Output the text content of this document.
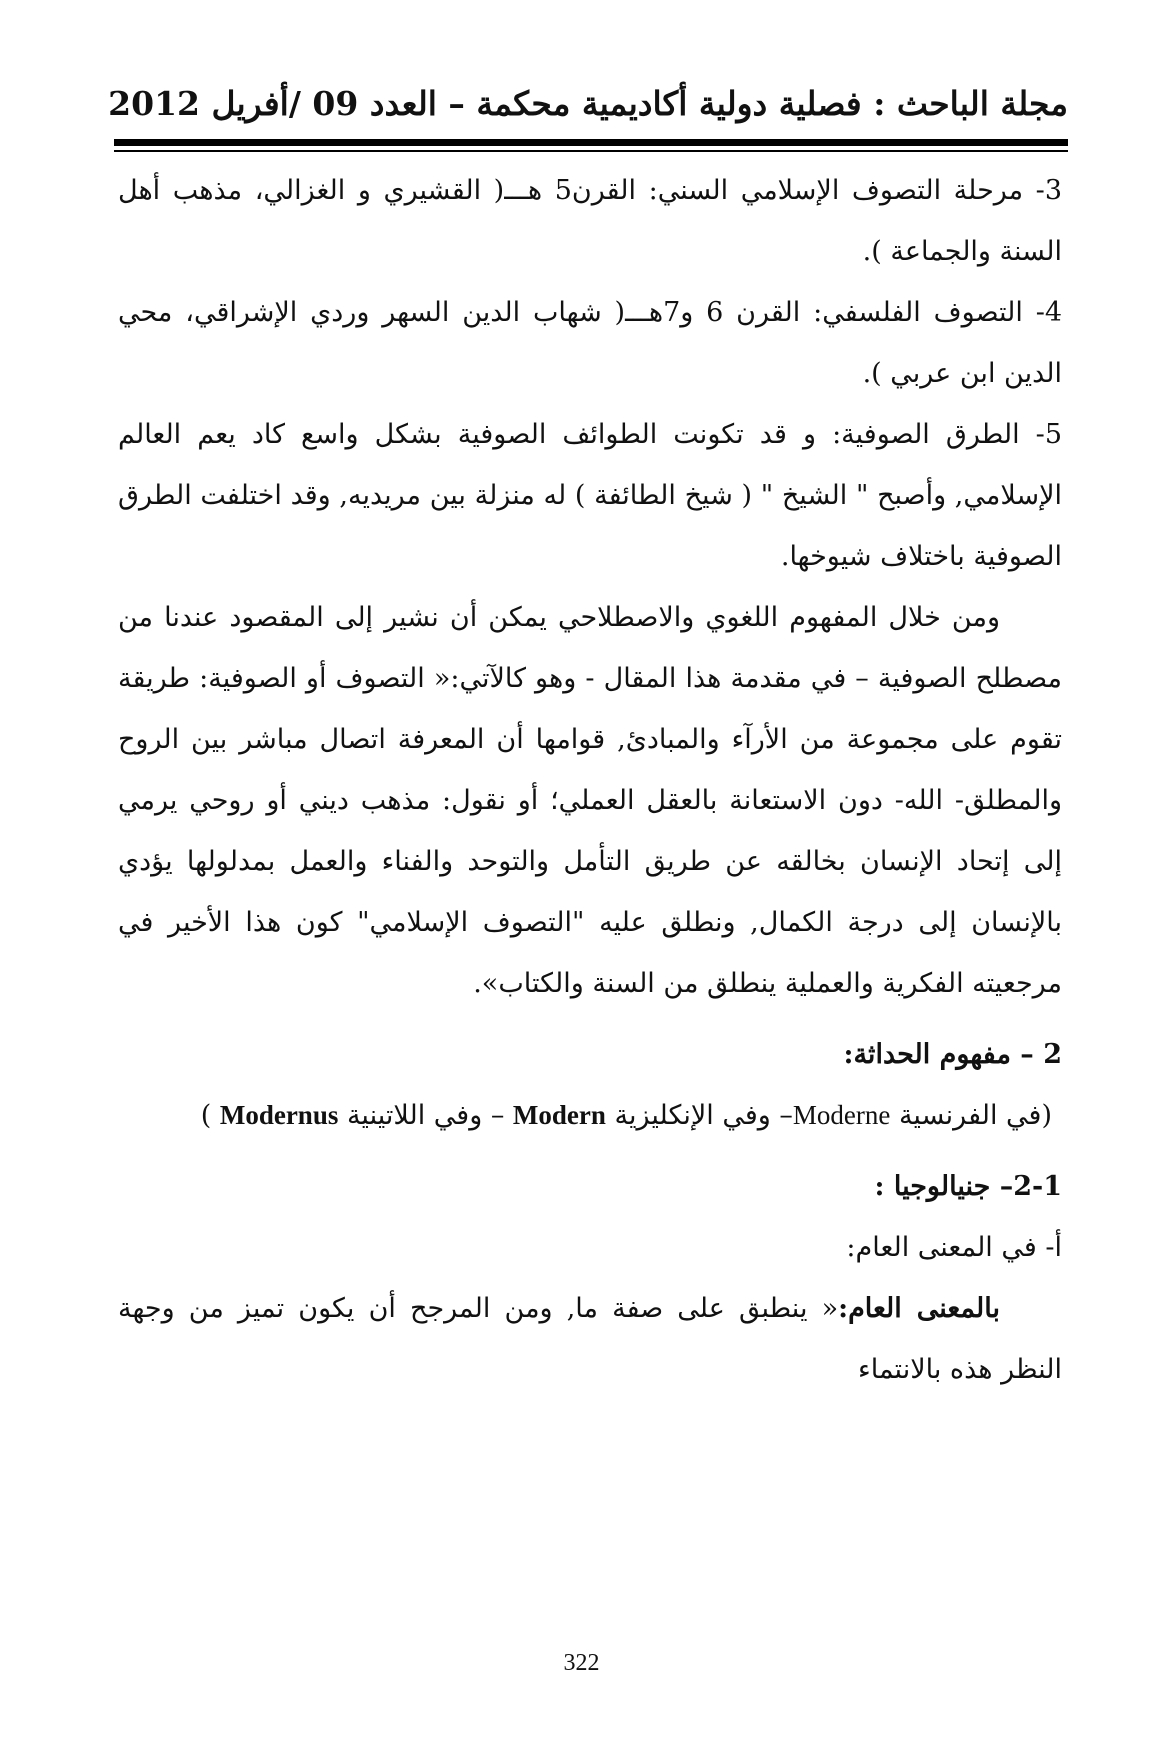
مجلة الباحث : فصلية دولية أكاديمية محكمة – العدد 09 /أفريل 2012

3- مرحلة التصوف الإسلامي السني: القرن5 هـــ( القشيري و الغزالي، مذهب أهل السنة والجماعة ).

4- التصوف الفلسفي: القرن 6 و7هـــ( شهاب الدين السهر وردي الإشراقي، محي الدين ابن عربي ).

5- الطرق الصوفية: و قد تكونت الطوائف الصوفية بشكل واسع كاد يعم العالم الإسلامي, وأصبح " الشيخ " ( شيخ الطائفة ) له منزلة بين مريديه, وقد اختلفت الطرق الصوفية باختلاف شيوخها.

ومن خلال المفهوم اللغوي والاصطلاحي يمكن أن نشير إلى المقصود عندنا من مصطلح الصوفية – في مقدمة هذا المقال - وهو كالآتي:« التصوف أو الصوفية: طريقة تقوم على مجموعة من الأرآء والمبادئ, قوامها أن المعرفة اتصال مباشر بين الروح والمطلق- الله- دون الاستعانة بالعقل العملي؛ أو نقول: مذهب ديني أو روحي يرمي إلى إتحاد الإنسان بخالقه عن طريق التأمل والتوحد والفناء والعمل بمدلولها يؤدي بالإنسان إلى درجة الكمال, ونطلق عليه "التصوف الإسلامي" كون هذا الأخير في مرجعيته الفكرية والعملية ينطلق من السنة والكتاب».

2 – مفهوم الحداثة:

(في الفرنسية Moderne– وفي الإنكليزية Modern – وفي اللاتينية Modernus )

2-1– جنيالوجيا :

أ- في المعنى العام:

بالمعنى العام:« ينطبق على صفة ما, ومن المرجح أن يكون تميز من وجهة النظر هذه بالانتماء

322
